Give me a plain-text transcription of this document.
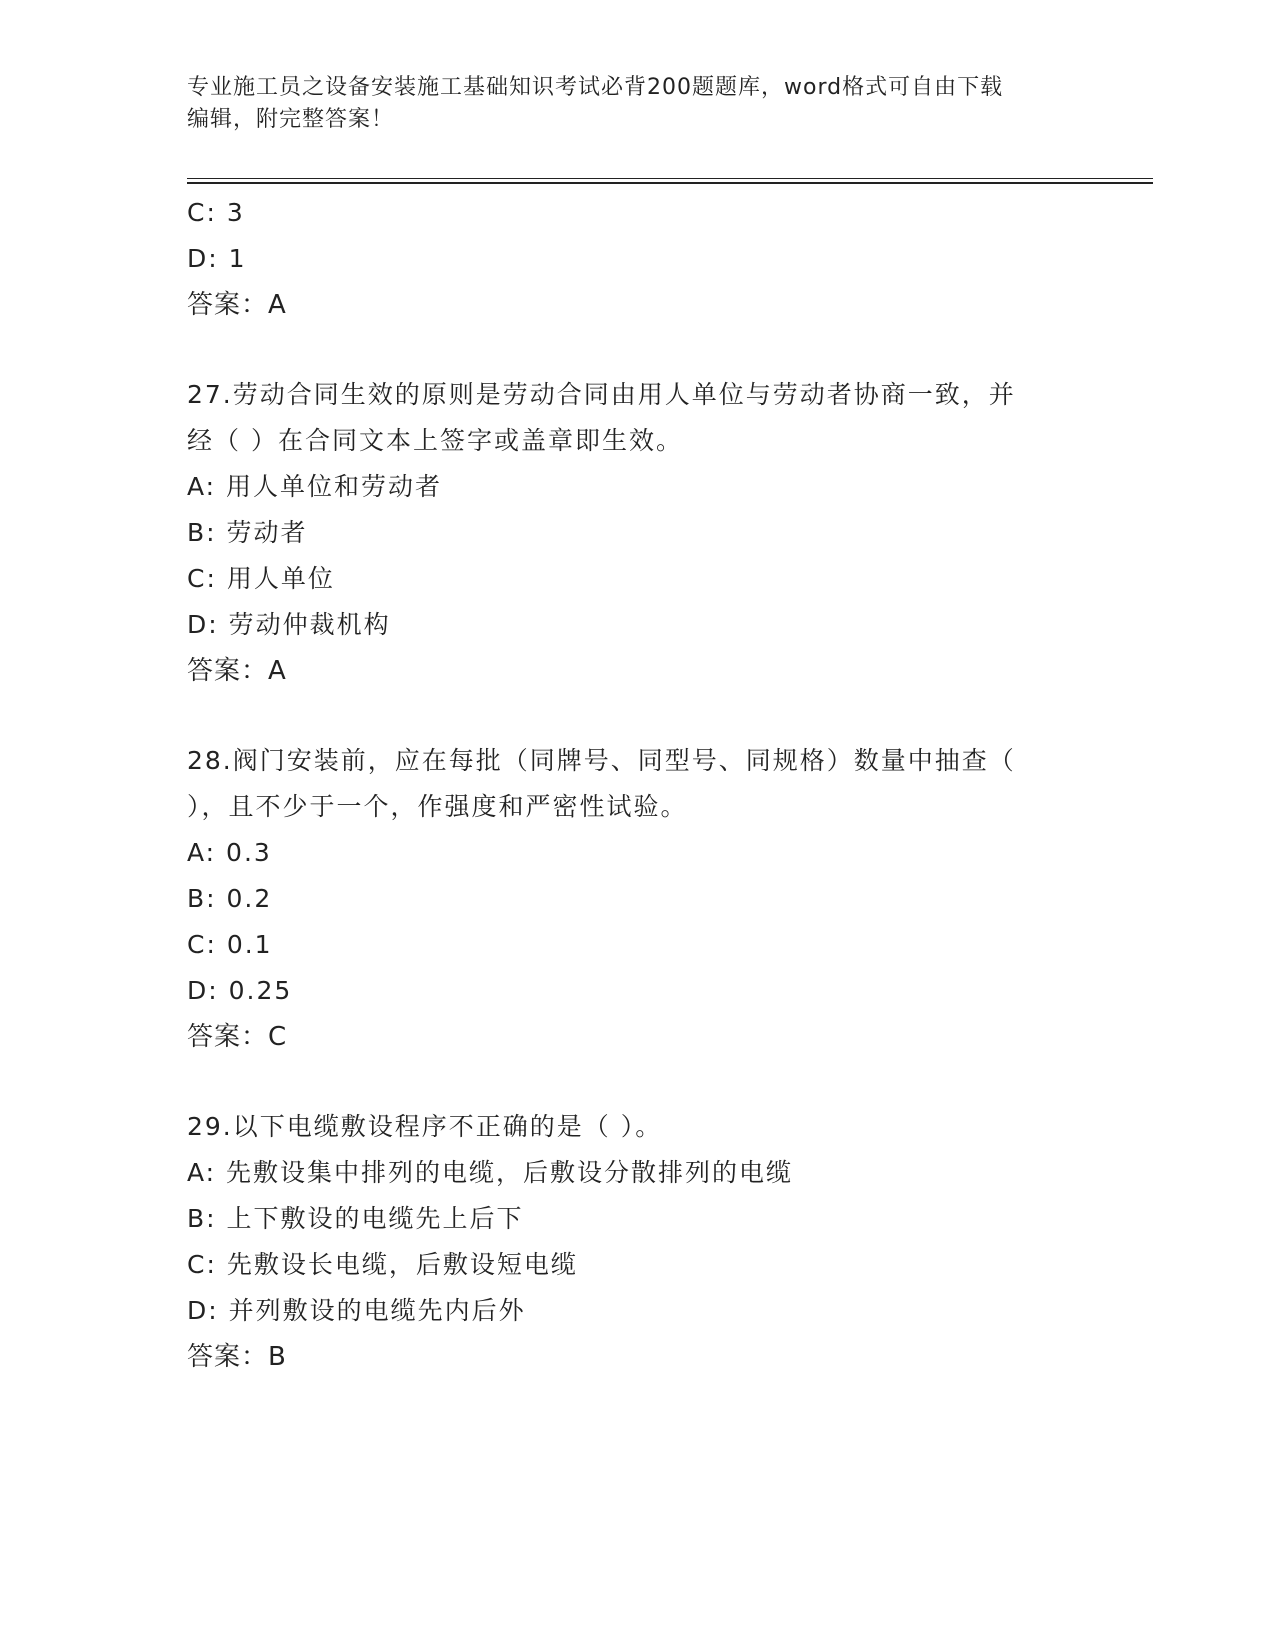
专业施工员之设备安装施工基础知识考试必背200题题库，word格式可自由下载
编辑，附完整答案！
C: 3
D: 1
答案：A
27.劳动合同生效的原则是劳动合同由用人单位与劳动者协商一致，并
经（ ）在合同文本上签字或盖章即生效。
A: 用人单位和劳动者
B: 劳动者
C: 用人单位
D: 劳动仲裁机构
答案：A
28.阀门安装前，应在每批（同牌号、同型号、同规格）数量中抽查（
），且不少于一个，作强度和严密性试验。
A: 0.3
B: 0.2
C: 0.1
D: 0.25
答案：C
29.以下电缆敷设程序不正确的是（ ）。
A: 先敷设集中排列的电缆，后敷设分散排列的电缆
B: 上下敷设的电缆先上后下
C: 先敷设长电缆，后敷设短电缆
D: 并列敷设的电缆先内后外
答案：B
